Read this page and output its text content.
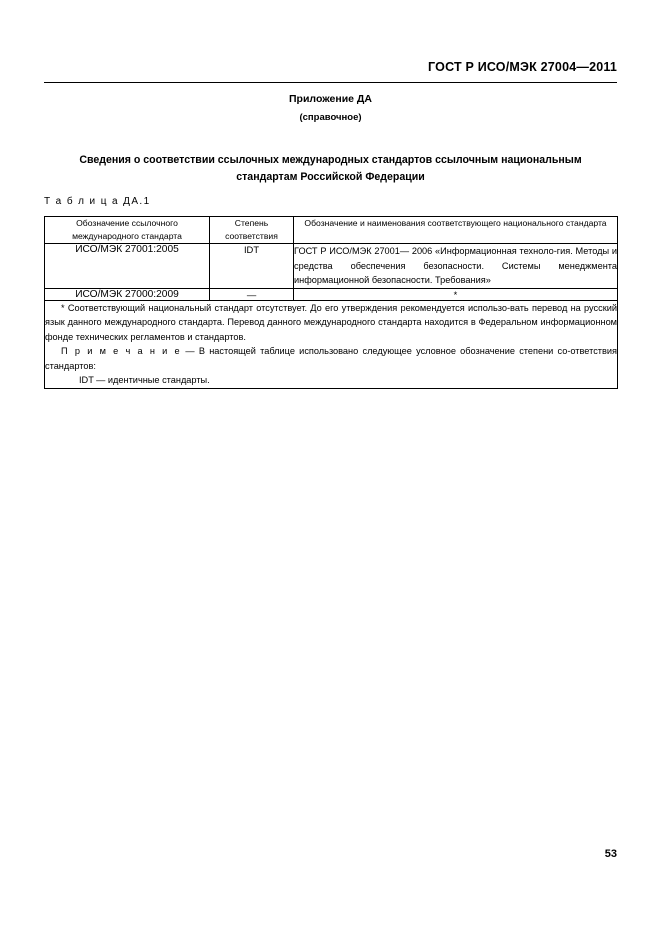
ГОСТ Р ИСО/МЭК 27004—2011
Приложение ДА
(справочное)
Сведения о соответствии ссылочных международных стандартов ссылочным национальным стандартам Российской Федерации
Т а б л и ц а ДА.1
Обозначение ссылочного международного стандарта	Степень соответствия	Обозначение и наименования соответствующего национального стандарта
ИСО/МЭК 27001:2005	IDT	ГОСТ Р ИСО/МЭК 27001— 2006 «Информационная техноло-гия. Методы и средства обеспечения безопасности. Системы менеджмента информационной безопасности. Требования»
ИСО/МЭК 27000:2009	—	*

* Соответствующий национальный стандарт отсутствует. До его утверждения рекомендуется использо-вать перевод на русский язык данного международного стандарта. Перевод данного международного стандарта находится в Федеральном информационном фонде технических регламентов и стандартов.

П р и м е ч а н и е — В настоящей таблице использовано следующее условное обозначение степени со-ответствия стандартов:

IDT — идентичные стандарты.		

53
